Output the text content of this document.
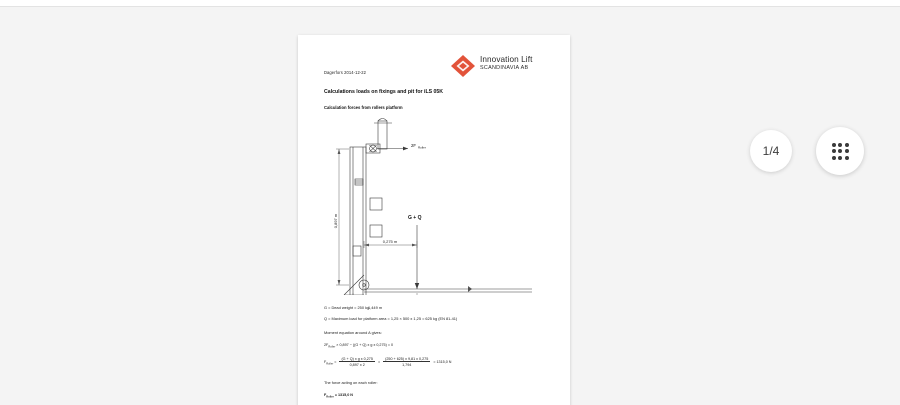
Dagerfors 2014-12-22
Innovation Lift
SCANDINAVIA AB
Calculations loads on fixings and pit for iLS 05K
Calculation forces from rollers platform
0,897 m
0,275 m
2F Roller
G + Q
1,449 m
G = Dead weight = 250 kg
Q = Maximum load for platform area = 1,25 × 500 x 1,25 = 625 kg (EN 81-41)
Moment equation around A gives:
$2F_{Roller} \times 0,897 - ((G + Q)$ x g x 0,275) = 0
$F_{Roller} = \frac{\text{(G + Q) x g x 0,275}}{0,897 x 2} = \frac{(250 + 625) x 9,81 x 0,275}{1,794} = 1315,0$ N
The force acting on each roller:
$F_{Roller} = 1315,0$ N
1/4
